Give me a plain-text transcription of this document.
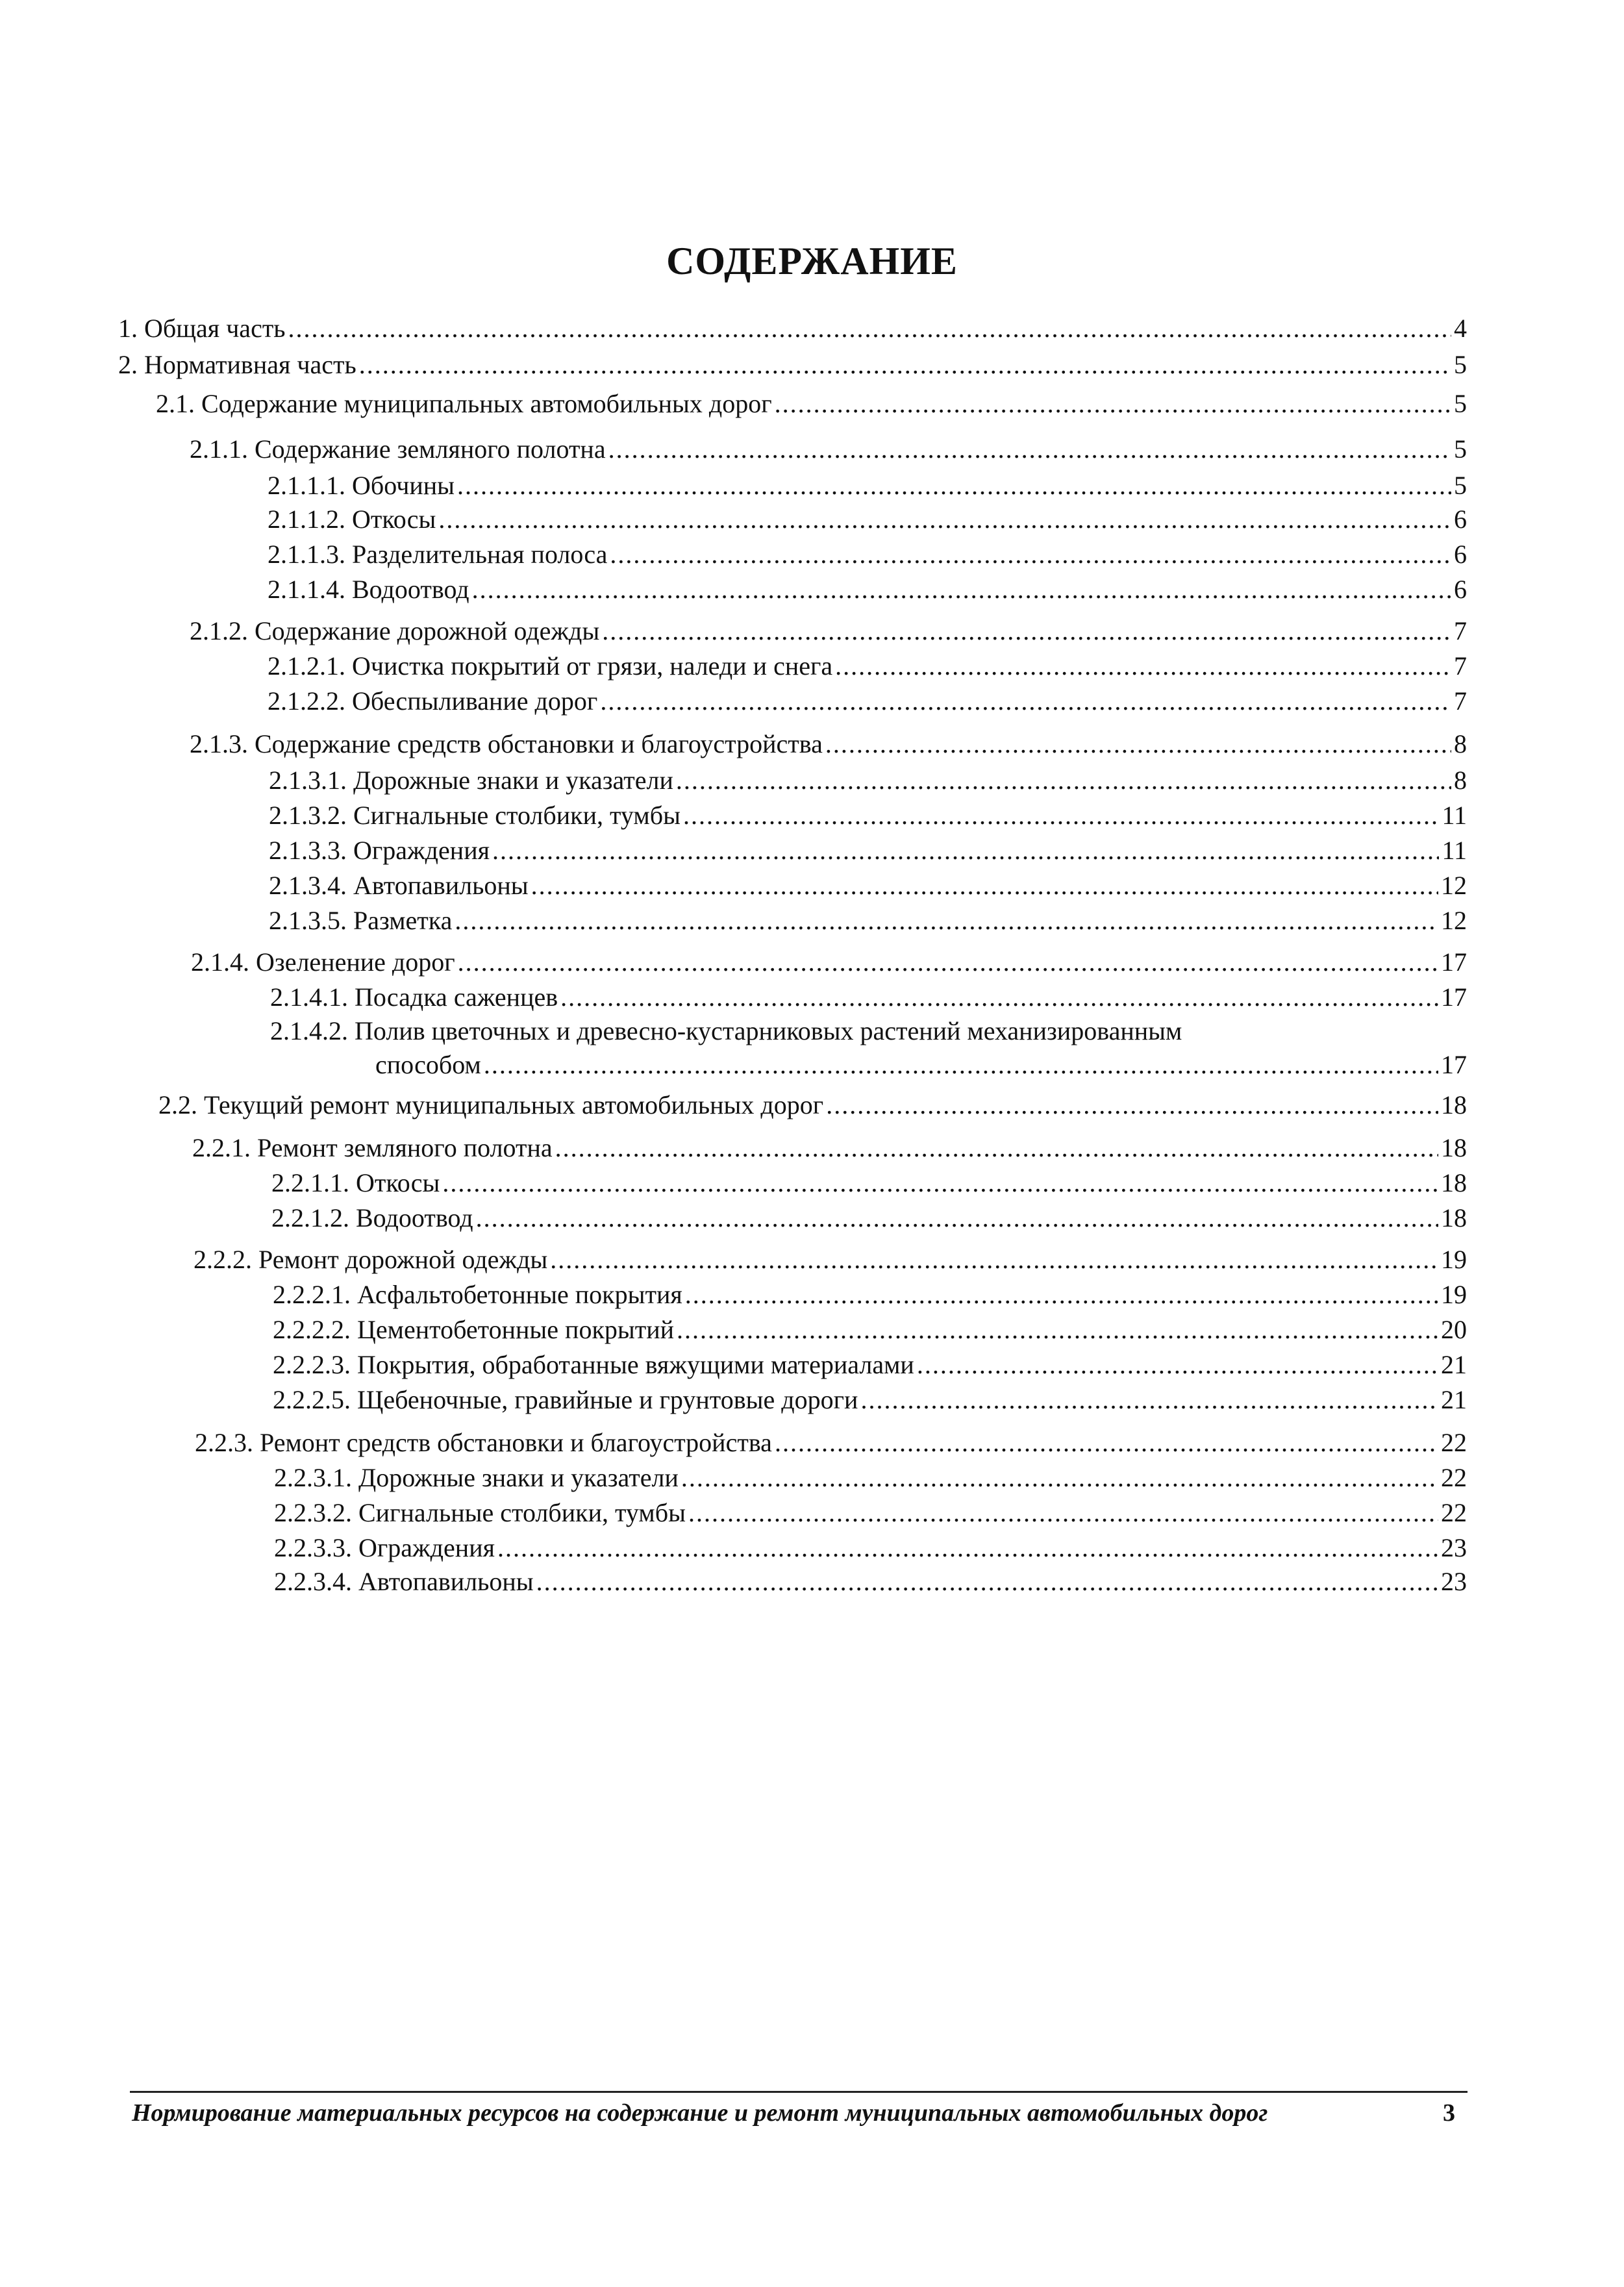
СОДЕРЖАНИЕ
1. Общая часть .....	4
2. Нормативная часть .....	5
2.1. Содержание муниципальных автомобильных дорог .....	5
2.1.1. Содержание земляного полотна .....	5
2.1.1.1. Обочины .....	5
2.1.1.2. Откосы .....	6
2.1.1.3. Разделительная полоса .....	6
2.1.1.4. Водоотвод .....	6
2.1.2. Содержание дорожной одежды .....	7
2.1.2.1. Очистка покрытий от грязи, наледи и снега .....	7
2.1.2.2. Обеспыливание дорог .....	7
2.1.3. Содержание средств обстановки и благоустройства .....	8
2.1.3.1. Дорожные знаки и указатели .....	8
2.1.3.2. Сигнальные столбики, тумбы .....	11
2.1.3.3. Ограждения .....	11
2.1.3.4. Автопавильоны .....	12
2.1.3.5. Разметка .....	12
2.1.4. Озеленение дорог .....	17
2.1.4.1. Посадка саженцев .....	17
2.1.4.2. Полив цветочных и древесно-кустарниковых растений механизированным
способом .....	17
2.2. Текущий ремонт муниципальных автомобильных дорог .....	18
2.2.1. Ремонт земляного полотна .....	18
2.2.1.1. Откосы .....	18
2.2.1.2. Водоотвод .....	18
2.2.2. Ремонт дорожной одежды .....	19
2.2.2.1. Асфальтобетонные покрытия .....	19
2.2.2.2. Цементобетонные покрытий .....	20
2.2.2.3. Покрытия, обработанные вяжущими материалами .....	21
2.2.2.5. Щебеночные, гравийные и грунтовые дороги .....	21
2.2.3. Ремонт средств обстановки и благоустройства .....	22
2.2.3.1. Дорожные знаки и указатели .....	22
2.2.3.2. Сигнальные столбики, тумбы .....	22
2.2.3.3. Ограждения .....	23
2.2.3.4. Автопавильоны .....	23
Нормирование материальных ресурсов на содержание и ремонт муниципальных автомобильных дорог	3
